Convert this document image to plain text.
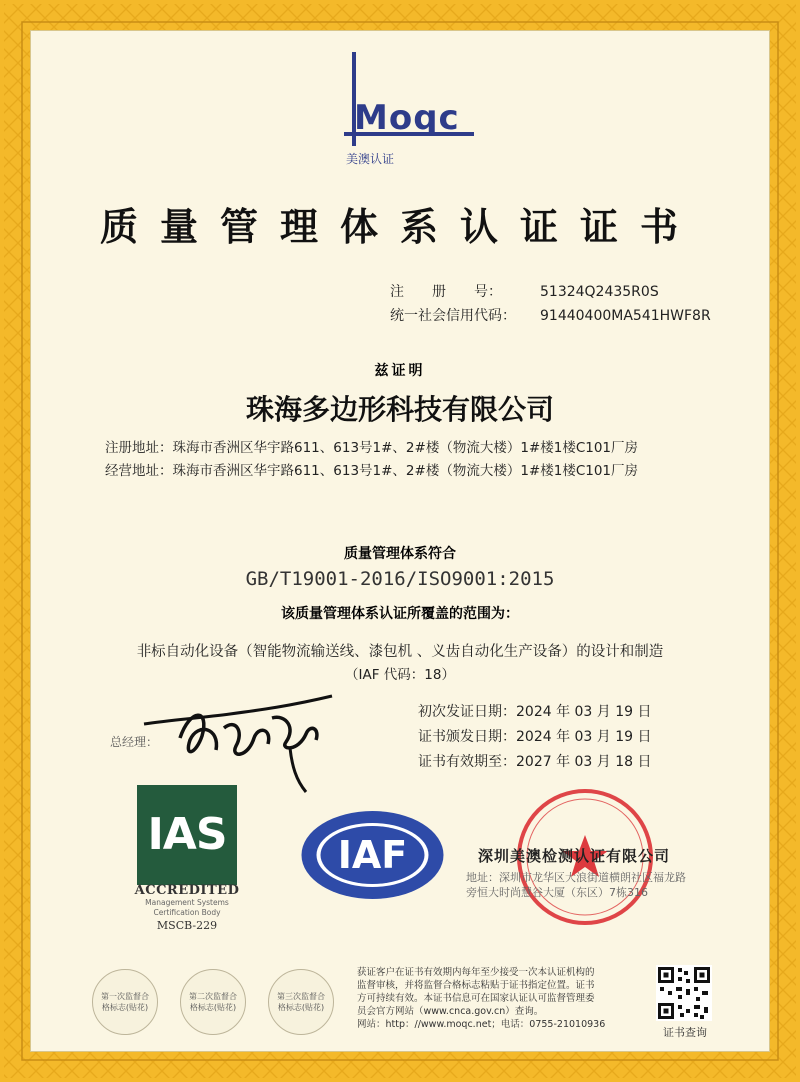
Moqc
美澳认证
质量管理体系认证证书
注　　册　　号：	51324Q2435R0S
统一社会信用代码： 91440400MA541HWF8R
兹证明
珠海多边形科技有限公司
注册地址：珠海市香洲区华宇路611、613号1#、2#楼（物流大楼）1#楼1楼C101厂房
经营地址：珠海市香洲区华宇路611、613号1#、2#楼（物流大楼）1#楼1楼C101厂房
质量管理体系符合
GB/T19001-2016/ISO9001:2015
该质量管理体系认证所覆盖的范围为：
非标自动化设备（智能物流输送线、漆包机 、义齿自动化生产设备）的设计和制造
（IAF 代码：18）
总经理：
初次发证日期：2024 年 03 月 19 日
证书颁发日期：2024 年 03 月 19 日
证书有效期至：2027 年 03 月 18 日
IAS
ACCREDITED
Management Systems
Certification Body
MSCB-229
IAF	深圳美澳检测认证有限公司
地址：深圳市龙华区大浪街道横朗社区福龙路旁恒大时尚慧谷大厦（东区）7栋316
第一次监督合格标志(贴花)
第二次监督合格标志(贴花)
第三次监督合格标志(贴花)
获证客户在证书有效期内每年至少接受一次本认证机构的
监督审核，并将监督合格标志粘贴于证书指定位置。证书
方可持续有效。本证书信息可在国家认证认可监督管理委
员会官方网站（www.cnca.gov.cn）查询。
网站：http：//www.moqc.net；电话：0755-21010936
证书查询
